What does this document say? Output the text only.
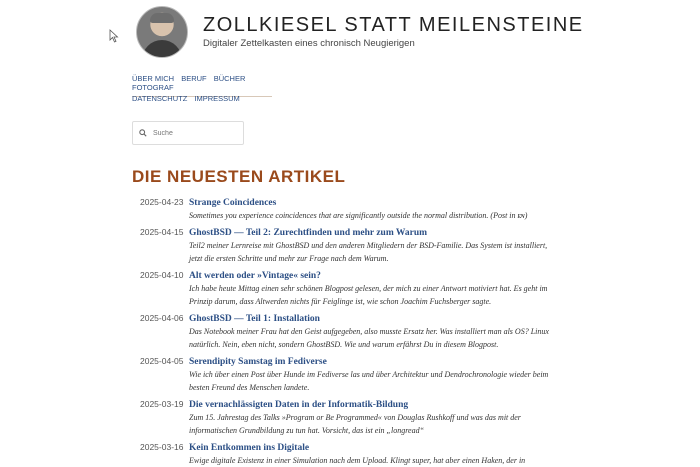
ZOLLKIESEL STATT MEILENSTEINE
Digitaler Zettelkasten eines chronisch Neugierigen
ÜBER MICH BERUF BÜCHER FOTOGRAF
DATENSCHUTZ IMPRESSUM
Suche
DIE NEUESTEN ARTIKEL
2025-04-23 Strange Coincidences
Sometimes you experience coincidences that are significantly outside the normal distribution. (Post in ᴇɴ)
2025-04-15 GhostBSD — Teil 2: Zurechtfinden und mehr zum Warum
Teil2 meiner Lernreise mit GhostBSD und den anderen Mitgliedern der BSD-Familie. Das System ist installiert, jetzt die ersten Schritte und mehr zur Frage nach dem Warum.
2025-04-10 Alt werden oder »Vintage« sein?
Ich habe heute Mittag einen sehr schönen Blogpost gelesen, der mich zu einer Antwort motiviert hat. Es geht im Prinzip darum, dass Altwerden nichts für Feiglinge ist, wie schon Joachim Fuchsberger sagte.
2025-04-06 GhostBSD — Teil 1: Installation
Das Notebook meiner Frau hat den Geist aufgegeben, also musste Ersatz her. Was installiert man als OS? Linux natürlich. Nein, eben nicht, sondern GhostBSD. Wie und warum erfährst Du in diesem Blogpost.
2025-04-05 Serendipity Samstag im Fediverse
Wie ich über einen Post über Hunde im Fediverse las und über Architektur und Dendrochronologie wieder beim besten Freund des Menschen landete.
2025-03-19 Die vernachlässigten Daten in der Informatik-Bildung
Zum 15. Jahrestag des Talks »Program or Be Programmed« von Douglas Rushkoff und was das mit der informatischen Grundbildung zu tun hat. Vorsicht, das ist ein „longread“
2025-03-16 Kein Entkommen ins Digitale
Ewige digitale Existenz in einer Simulation nach dem Upload. Klingt super, hat aber einen Haken, der in
